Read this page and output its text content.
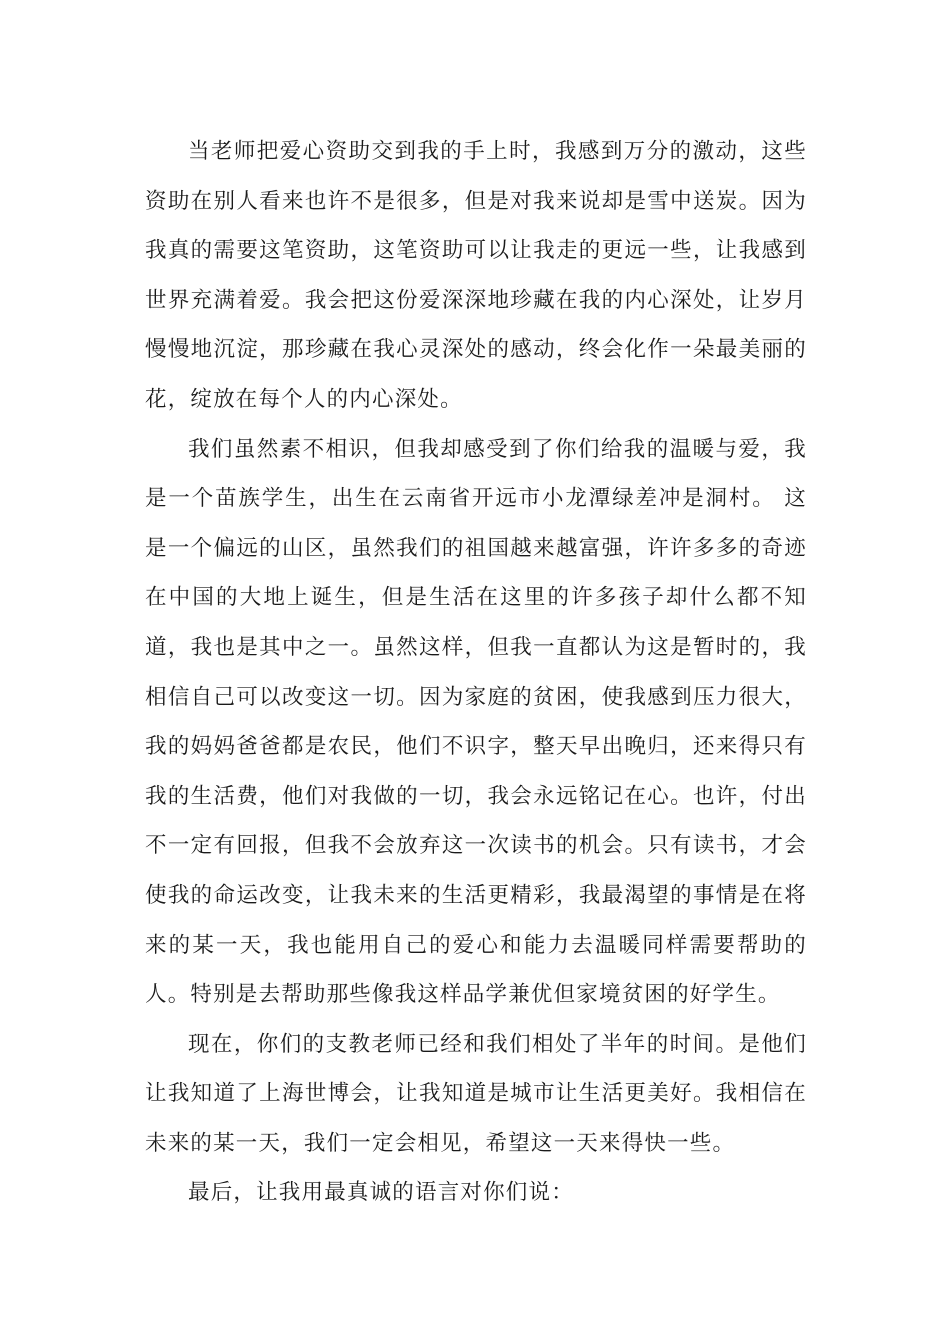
当老师把爱心资助交到我的手上时，我感到万分的激动，这些资助在别人看来也许不是很多，但是对我来说却是雪中送炭。因为我真的需要这笔资助，这笔资助可以让我走的更远一些，让我感到世界充满着爱。我会把这份爱深深地珍藏在我的内心深处，让岁月慢慢地沉淀，那珍藏在我心灵深处的感动，终会化作一朵最美丽的花，绽放在每个人的内心深处。

我们虽然素不相识，但我却感受到了你们给我的温暖与爱，我是一个苗族学生，出生在云南省开远市小龙潭绿差冲是洞村。 这是一个偏远的山区，虽然我们的祖国越来越富强，许许多多的奇迹在中国的大地上诞生，但是生活在这里的许多孩子却什么都不知道，我也是其中之一。虽然这样，但我一直都认为这是暂时的，我相信自己可以改变这一切。因为家庭的贫困，使我感到压力很大，我的妈妈爸爸都是农民，他们不识字，整天早出晚归，还来得只有我的生活费，他们对我做的一切，我会永远铭记在心。也许，付出不一定有回报，但我不会放弃这一次读书的机会。只有读书，才会使我的命运改变，让我未来的生活更精彩，我最渴望的事情是在将来的某一天，我也能用自己的爱心和能力去温暖同样需要帮助的人。特别是去帮助那些像我这样品学兼优但家境贫困的好学生。

现在，你们的支教老师已经和我们相处了半年的时间。是他们让我知道了上海世博会，让我知道是城市让生活更美好。我相信在未来的某一天，我们一定会相见，希望这一天来得快一些。

最后，让我用最真诚的语言对你们说：
